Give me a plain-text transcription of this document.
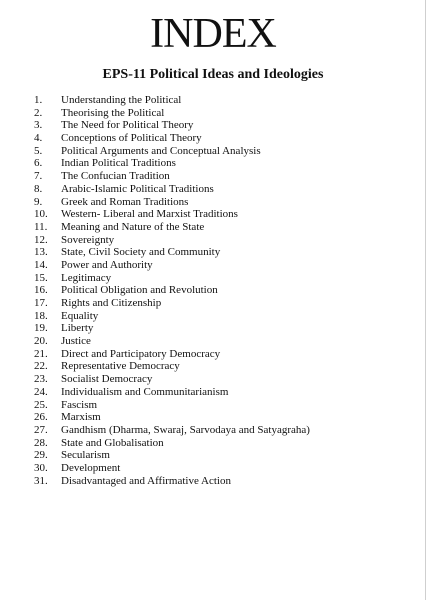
INDEX
EPS-11 Political Ideas and Ideologies
1.	Understanding the Political
2.	Theorising the Political
3.	The Need for Political Theory
4.	Conceptions of Political Theory
5.	Political Arguments and Conceptual Analysis
6.	Indian Political Traditions
7.	The Confucian Tradition
8.	Arabic-Islamic Political Traditions
9.	Greek and Roman Traditions
10.	Western- Liberal and Marxist Traditions
11.	Meaning and Nature of the State
12.	Sovereignty
13.	State, Civil Society and Community
14.	Power and Authority
15.	Legitimacy
16.	Political Obligation and Revolution
17.	Rights and Citizenship
18.	Equality
19.	Liberty
20.	Justice
21.	Direct and Participatory Democracy
22.	Representative Democracy
23.	Socialist Democracy
24.	Individualism and Communitarianism
25.	Fascism
26.	Marxism
27.	Gandhism (Dharma, Swaraj, Sarvodaya and Satyagraha)
28.	State and Globalisation
29.	Secularism
30.	Development
31.	Disadvantaged and Affirmative Action
